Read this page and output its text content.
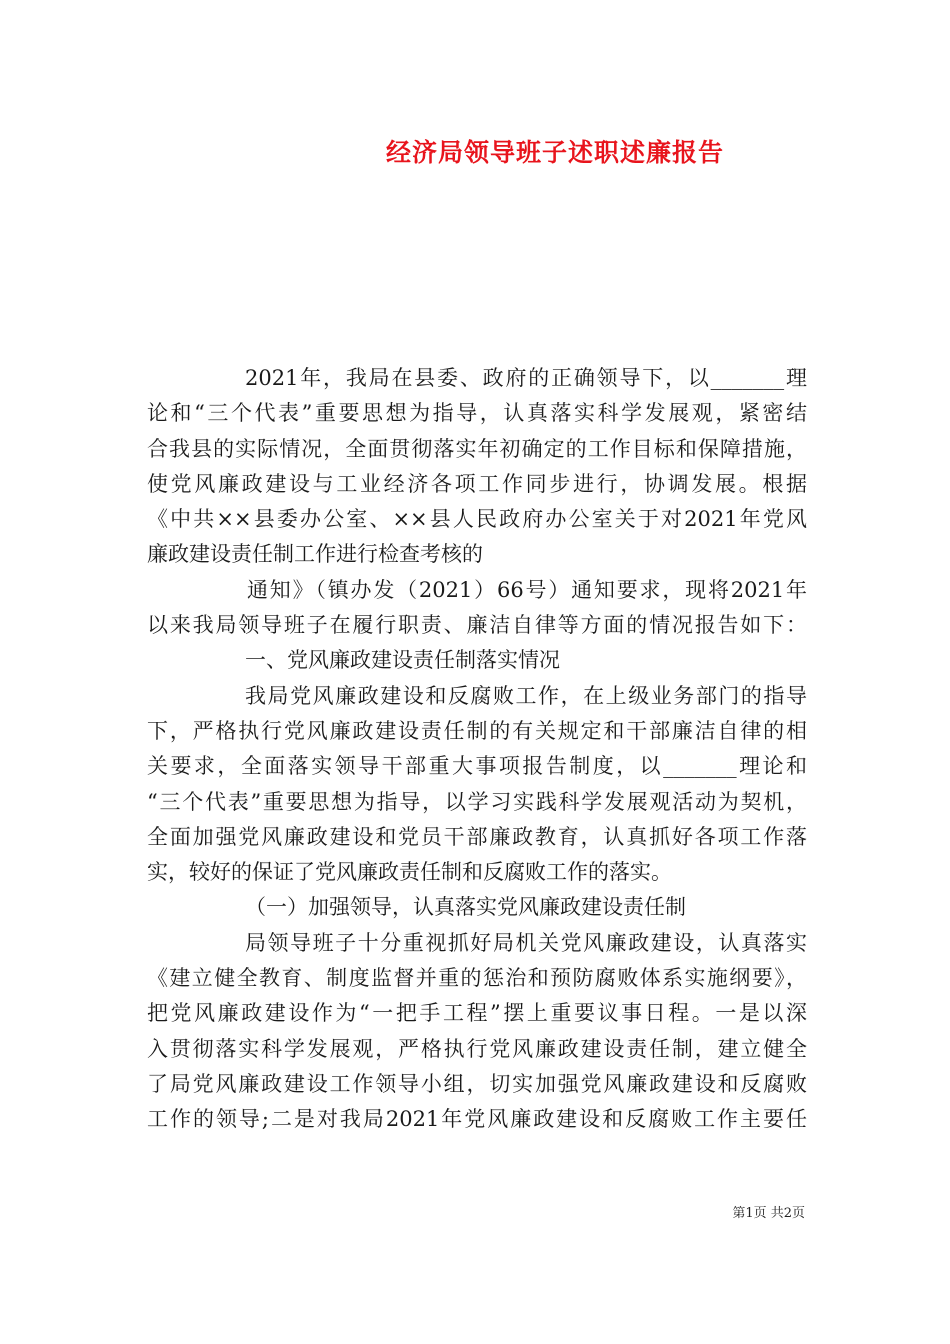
经济局领导班子述职述廉报告
2021年，我局在县委、政府的正确领导下，以_______理
论和“三个代表”重要思想为指导，认真落实科学发展观，紧密结
合我县的实际情况，全面贯彻落实年初确定的工作目标和保障措施，
使党风廉政建设与工业经济各项工作同步进行，协调发展。根据
《中共××县委办公室、××县人民政府办公室关于对2021年党风
廉政建设责任制工作进行检查考核的
通知》（镇办发（2021）66号）通知要求，现将2021年
以来我局领导班子在履行职责、廉洁自律等方面的情况报告如下：
一、党风廉政建设责任制落实情况
我局党风廉政建设和反腐败工作，在上级业务部门的指导
下，严格执行党风廉政建设责任制的有关规定和干部廉洁自律的相
关要求，全面落实领导干部重大事项报告制度，以_______理论和
“三个代表”重要思想为指导，以学习实践科学发展观活动为契机，
全面加强党风廉政建设和党员干部廉政教育，认真抓好各项工作落
实，较好的保证了党风廉政责任制和反腐败工作的落实。
（一）加强领导，认真落实党风廉政建设责任制
局领导班子十分重视抓好局机关党风廉政建设，认真落实
《建立健全教育、制度监督并重的惩治和预防腐败体系实施纲要》，
把党风廉政建设作为“一把手工程”摆上重要议事日程。一是以深
入贯彻落实科学发展观，严格执行党风廉政建设责任制，建立健全
了局党风廉政建设工作领导小组，切实加强党风廉政建设和反腐败
工作的领导;二是对我局2021年党风廉政建设和反腐败工作主要任
第1页 共2页
